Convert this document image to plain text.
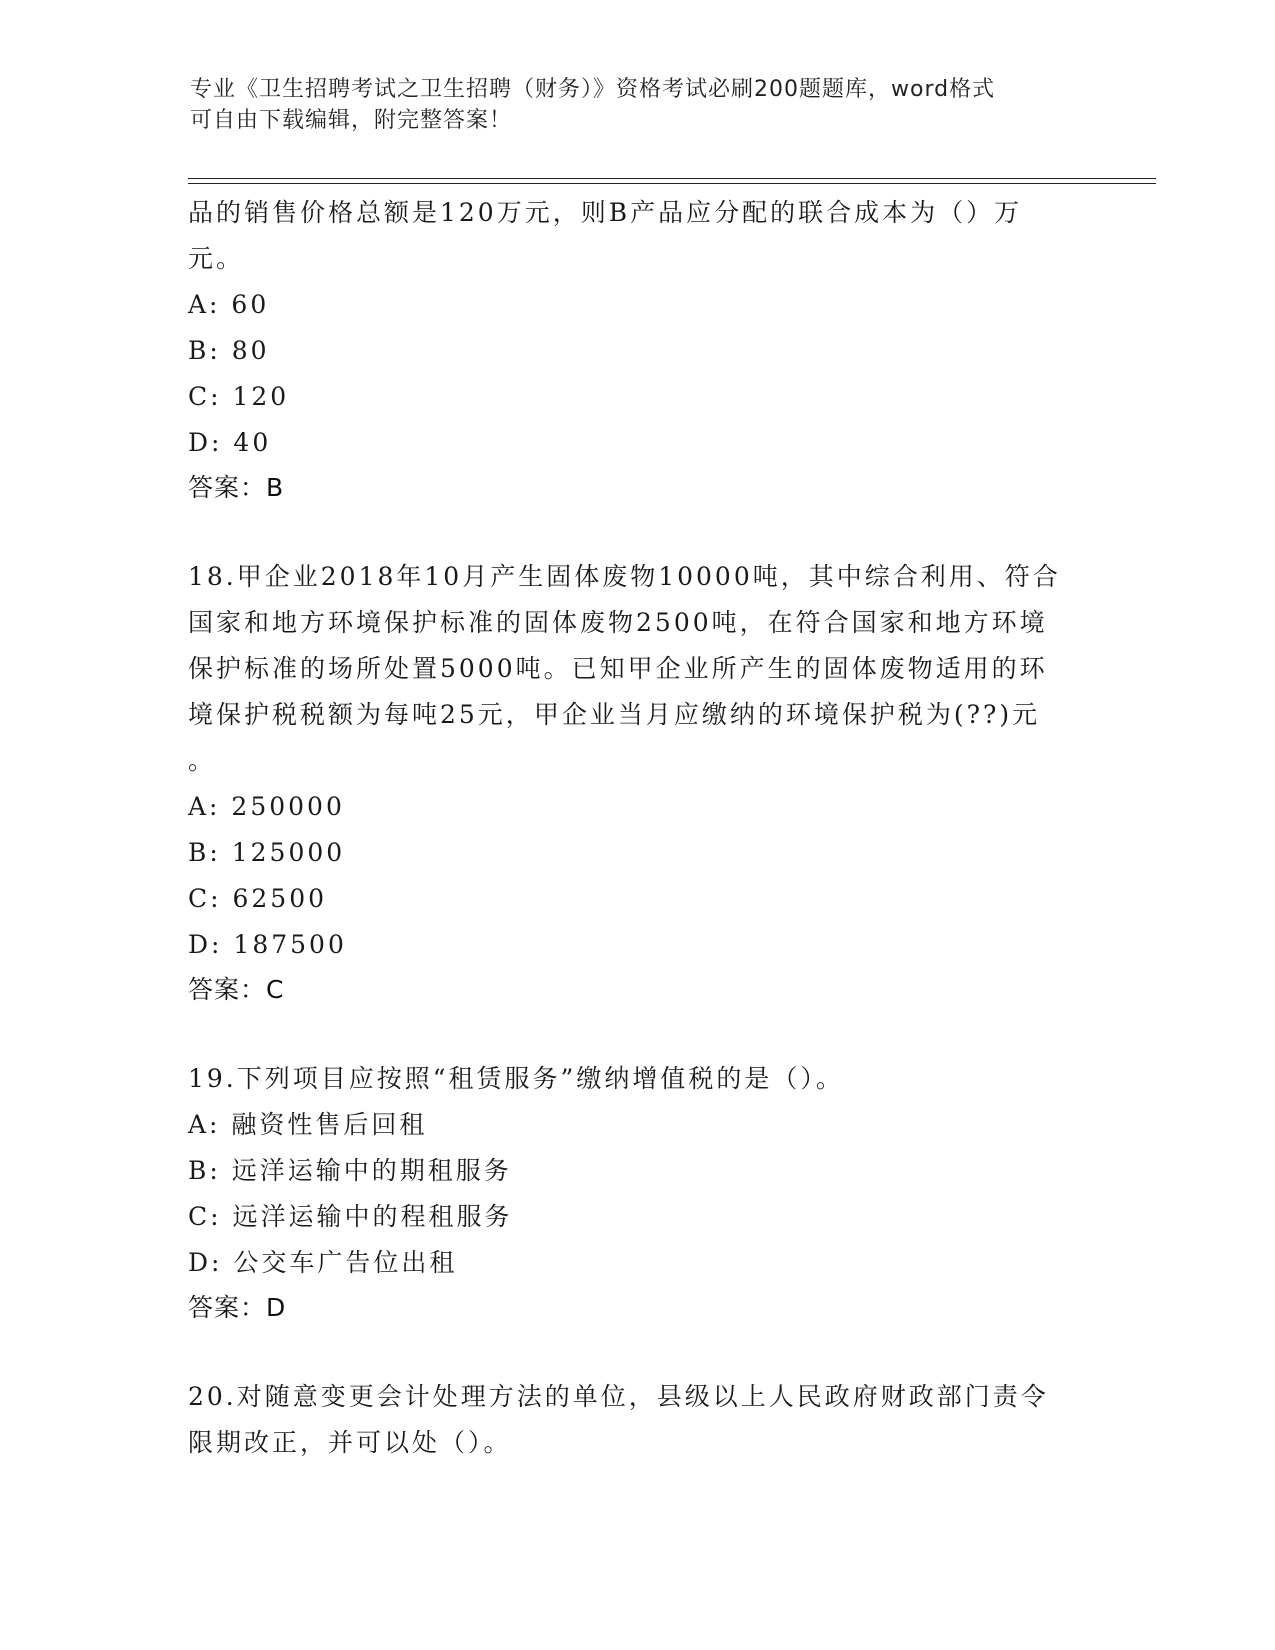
专业《卫生招聘考试之卫生招聘（财务）》资格考试必刷200题题库，word格式
可自由下载编辑，附完整答案！
品的销售价格总额是120万元，则B产品应分配的联合成本为（）万
元。
A: 60
B: 80
C: 120
D: 40
答案：B
18.甲企业2018年10月产生固体废物10000吨，其中综合利用、符合
国家和地方环境保护标准的固体废物2500吨，在符合国家和地方环境
保护标准的场所处置5000吨。已知甲企业所产生的固体废物适用的环
境保护税税额为每吨25元，甲企业当月应缴纳的环境保护税为(??)元
。
A: 250000
B: 125000
C: 62500
D: 187500
答案：C
19.下列项目应按照“租赁服务”缴纳增值税的是（）。
A: 融资性售后回租
B: 远洋运输中的期租服务
C: 远洋运输中的程租服务
D: 公交车广告位出租
答案：D
20.对随意变更会计处理方法的单位，县级以上人民政府财政部门责令
限期改正，并可以处（）。
